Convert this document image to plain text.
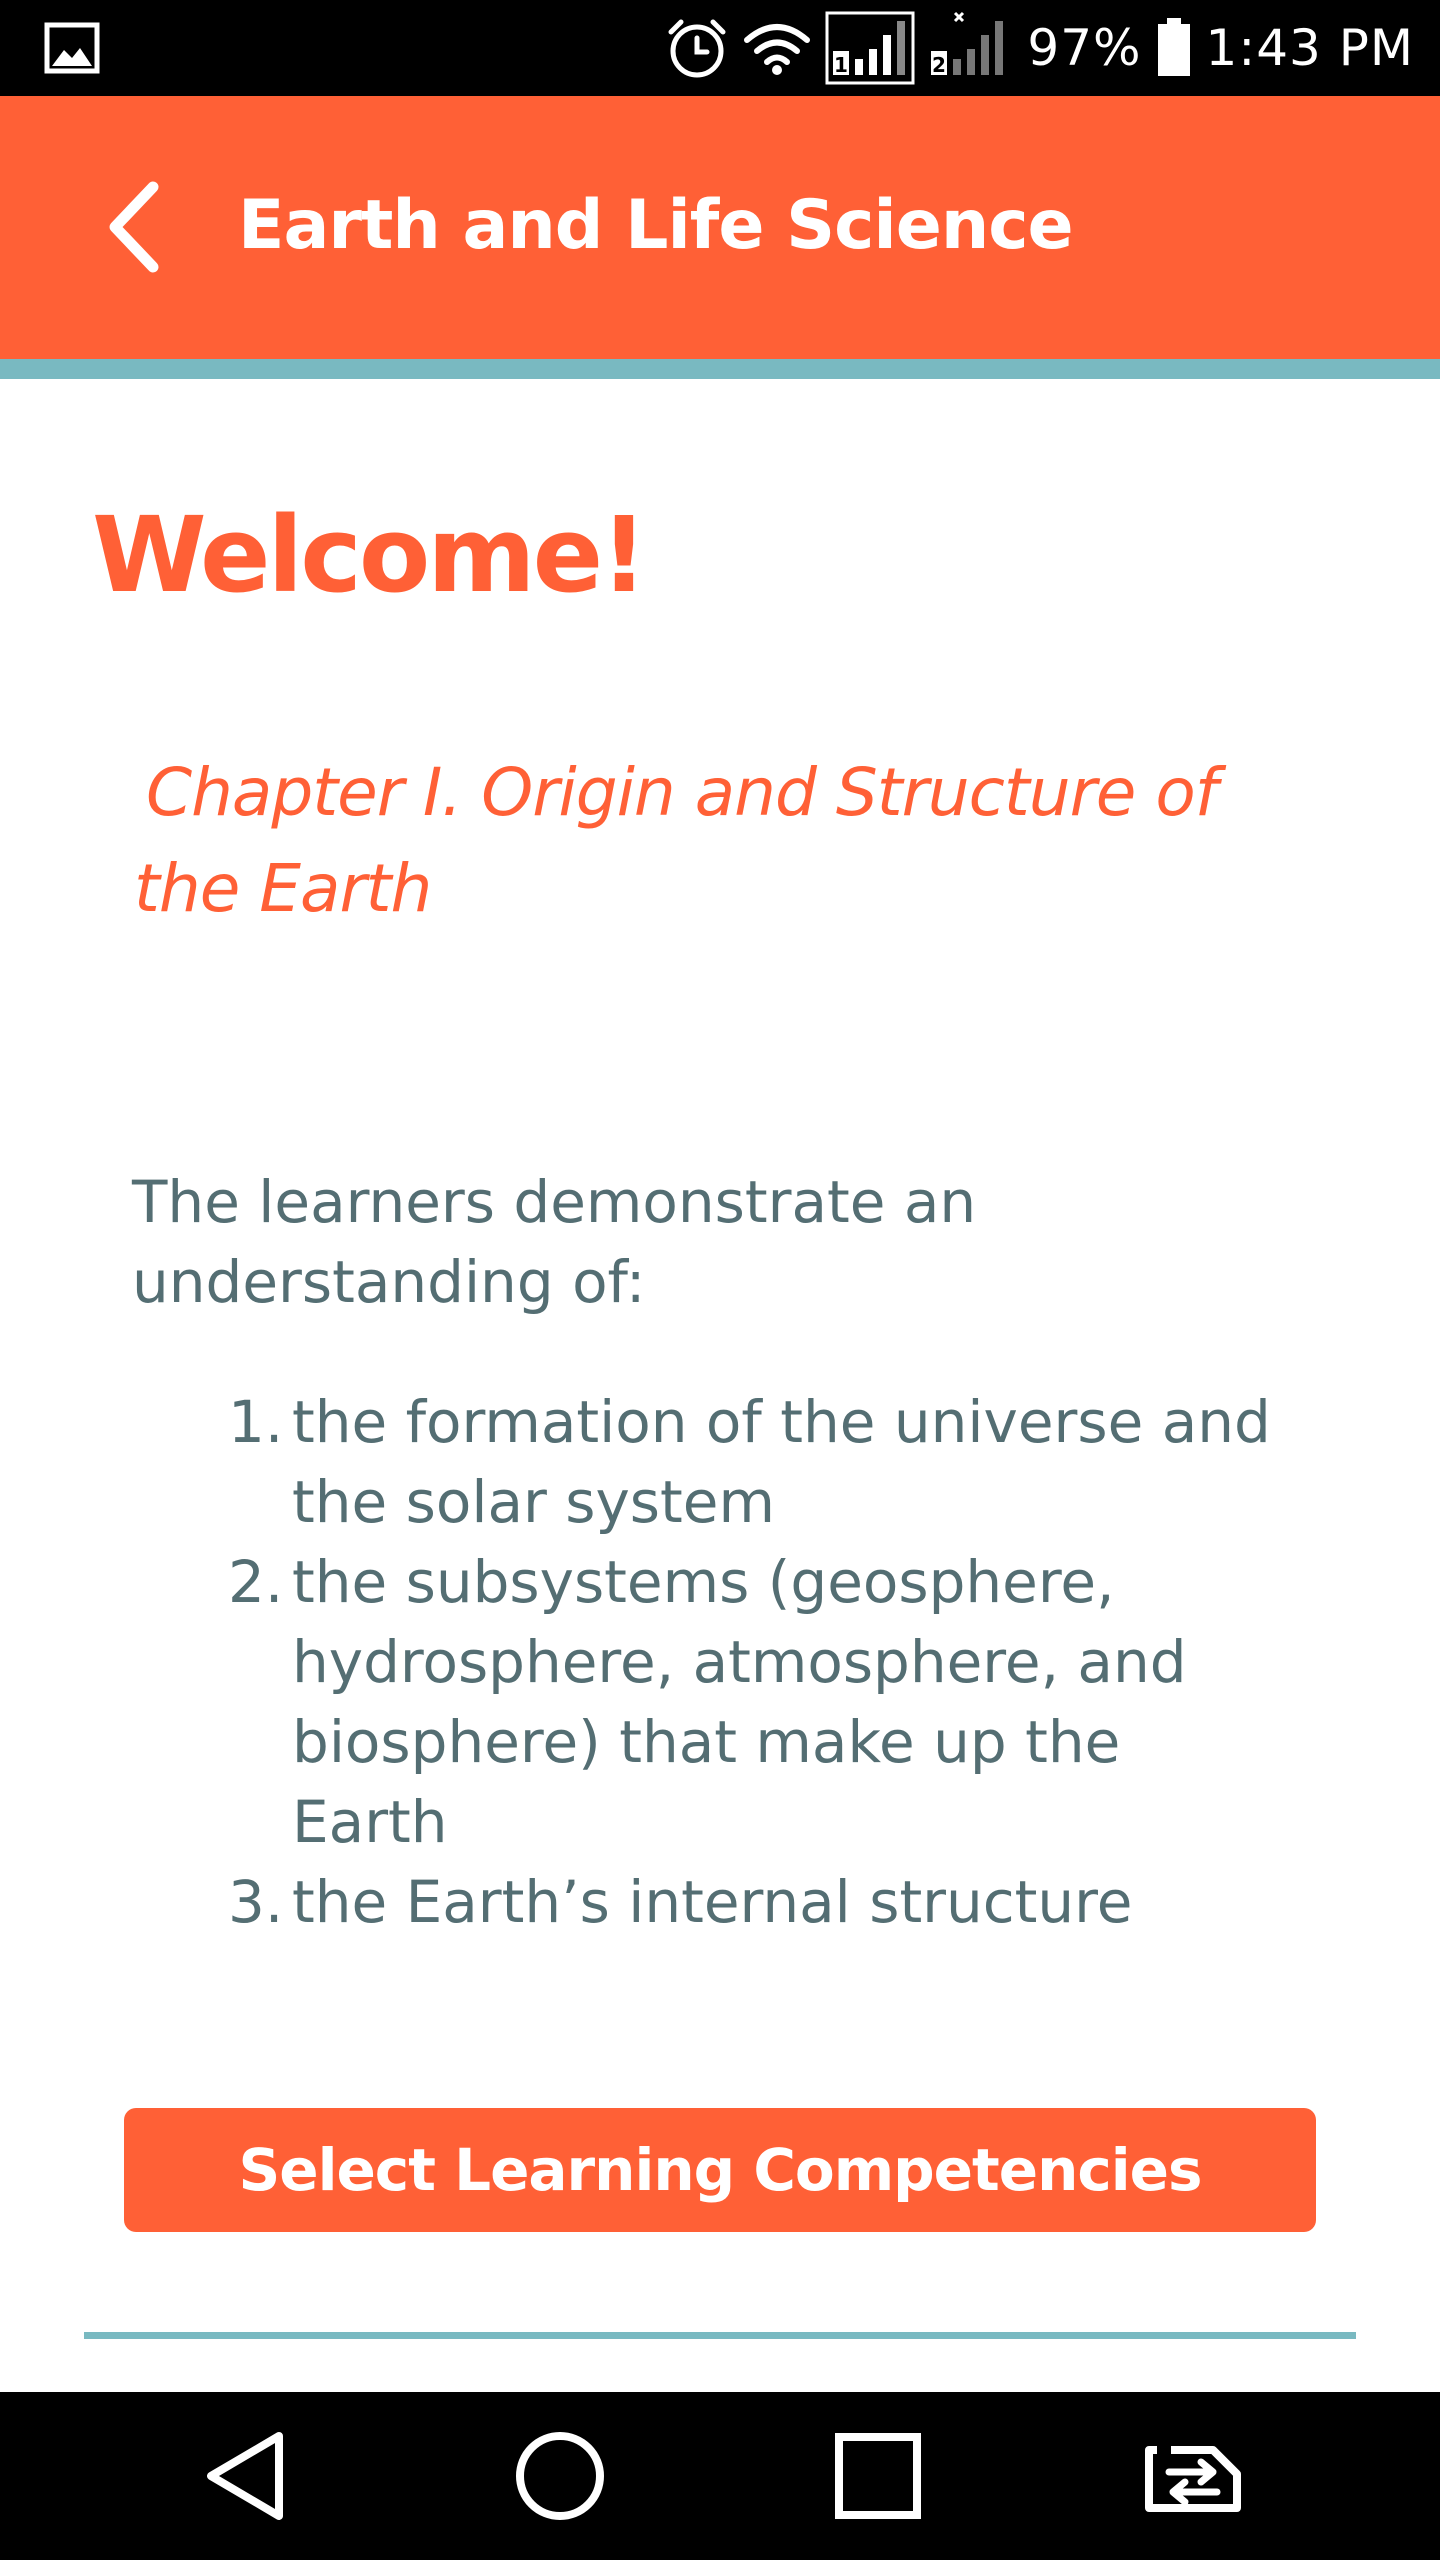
1	2 97% 1:43 PM
Earth and Life Science
Welcome!
Chapter I. Origin and Structure of the Earth
The learners demonstrate an understanding of:
1. the formation of the universe and the solar system
2. the subsystems (geosphere, hydrosphere, atmosphere, and biosphere) that make up the Earth
3. the Earth’s internal structure
Select Learning Competencies
